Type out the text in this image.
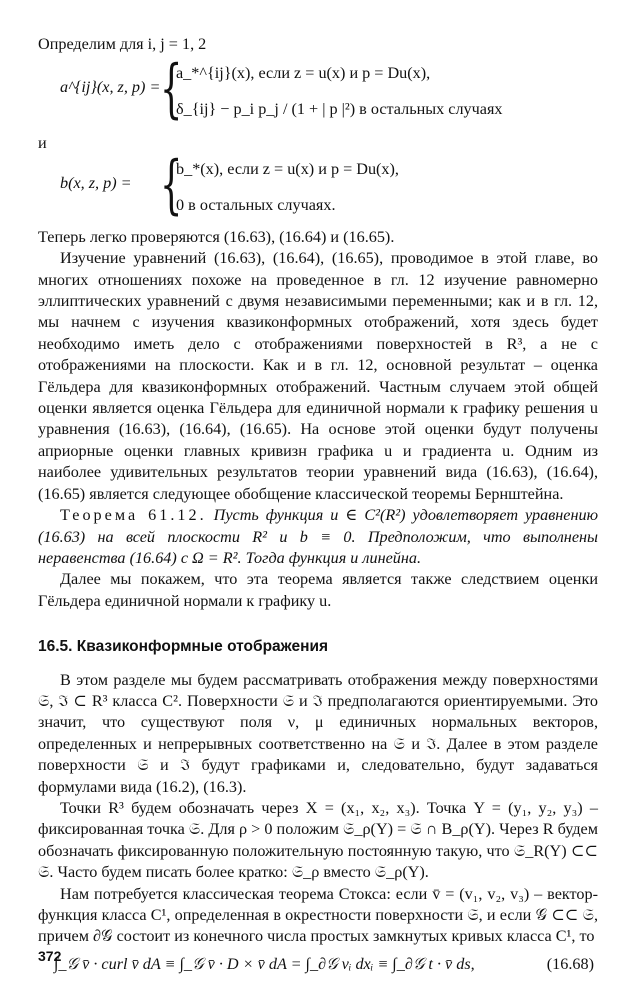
Определим для i, j = 1, 2

a^{ij}(x, z, p) = {
a_*^{ij}(x), если z = u(x) и p = Du(x),
δ_{ij} − p_i p_j / (1 + | p |²) в остальных случаях

и

b(x, z, p) = {
b_*(x), если z = u(x) и p = Du(x),
0 в остальных случаях.

Теперь легко проверяются (16.63), (16.64) и (16.65).

Изучение уравнений (16.63), (16.64), (16.65), проводимое в этой главе, во многих отношениях похоже на проведенное в гл. 12 изучение равномерно эллиптических уравнений с двумя независимыми переменными; как и в гл. 12, мы начнем с изучения квазиконформных отображений, хотя здесь будет необходимо иметь дело с отображениями поверхностей в R³, а не с отображениями на плоскости. Как и в гл. 12, основной результат – оценка Гёльдера для квазиконформных отображений. Частным случаем этой общей оценки является оценка Гёльдера для единичной нормали к графику решения u уравнения (16.63), (16.64), (16.65). На основе этой оценки будут получены априорные оценки главных кривизн графика u и градиента u. Одним из наиболее удивительных результатов теории уравнений вида (16.63), (16.64), (16.65) является следующее обобщение классической теоремы Бернштейна.

Теорема 61.12. Пусть функция u ∈ C²(R²) удовлетворяет уравнению (16.63) на всей плоскости R² и b ≡ 0. Предположим, что выполнены неравенства (16.64) с Ω = R². Тогда функция и линейна.

Далее мы покажем, что эта теорема является также следствием оценки Гёльдера единичной нормали к графику u.

16.5. Квазиконформные отображения

В этом разделе мы будем рассматривать отображения между поверхностями 𝔖, ℑ ⊂ R³ класса C². Поверхности 𝔖 и ℑ предполагаются ориентируемыми. Это значит, что существуют поля ν, μ единичных нормальных векторов, определенных и непрерывных соответственно на 𝔖 и ℑ. Далее в этом разделе поверхности 𝔖 и ℑ будут графиками и, следовательно, будут задаваться формулами вида (16.2), (16.3).

Точки R³ будем обозначать через X = (x₁, x₂, x₃). Точка Y = (y₁, y₂, y₃) – фиксированная точка 𝔖. Для ρ > 0 положим 𝔖_ρ(Y) = 𝔖 ∩ B_ρ(Y). Через R будем обозначать фиксированную положительную постоянную такую, что 𝔖_R(Y) ⊂⊂ 𝔖. Часто будем писать более кратко: 𝔖_ρ вместо 𝔖_ρ(Y).

Нам потребуется классическая теорема Стокса: если v̄ = (v₁, v₂, v₃) – вектор-функция класса C¹, определенная в окрестности поверхности 𝔖, и если 𝒢 ⊂⊂ 𝔖, причем ∂𝒢 состоит из конечного числа простых замкнутых кривых класса C¹, то

∫_𝒢 v̄ · curl v̄ dA ≡ ∫_𝒢 v̄ · D × v̄ dA = ∫_∂𝒢 vᵢ dxᵢ ≡ ∫_∂𝒢 t · v̄ ds,	(16.68)
372
